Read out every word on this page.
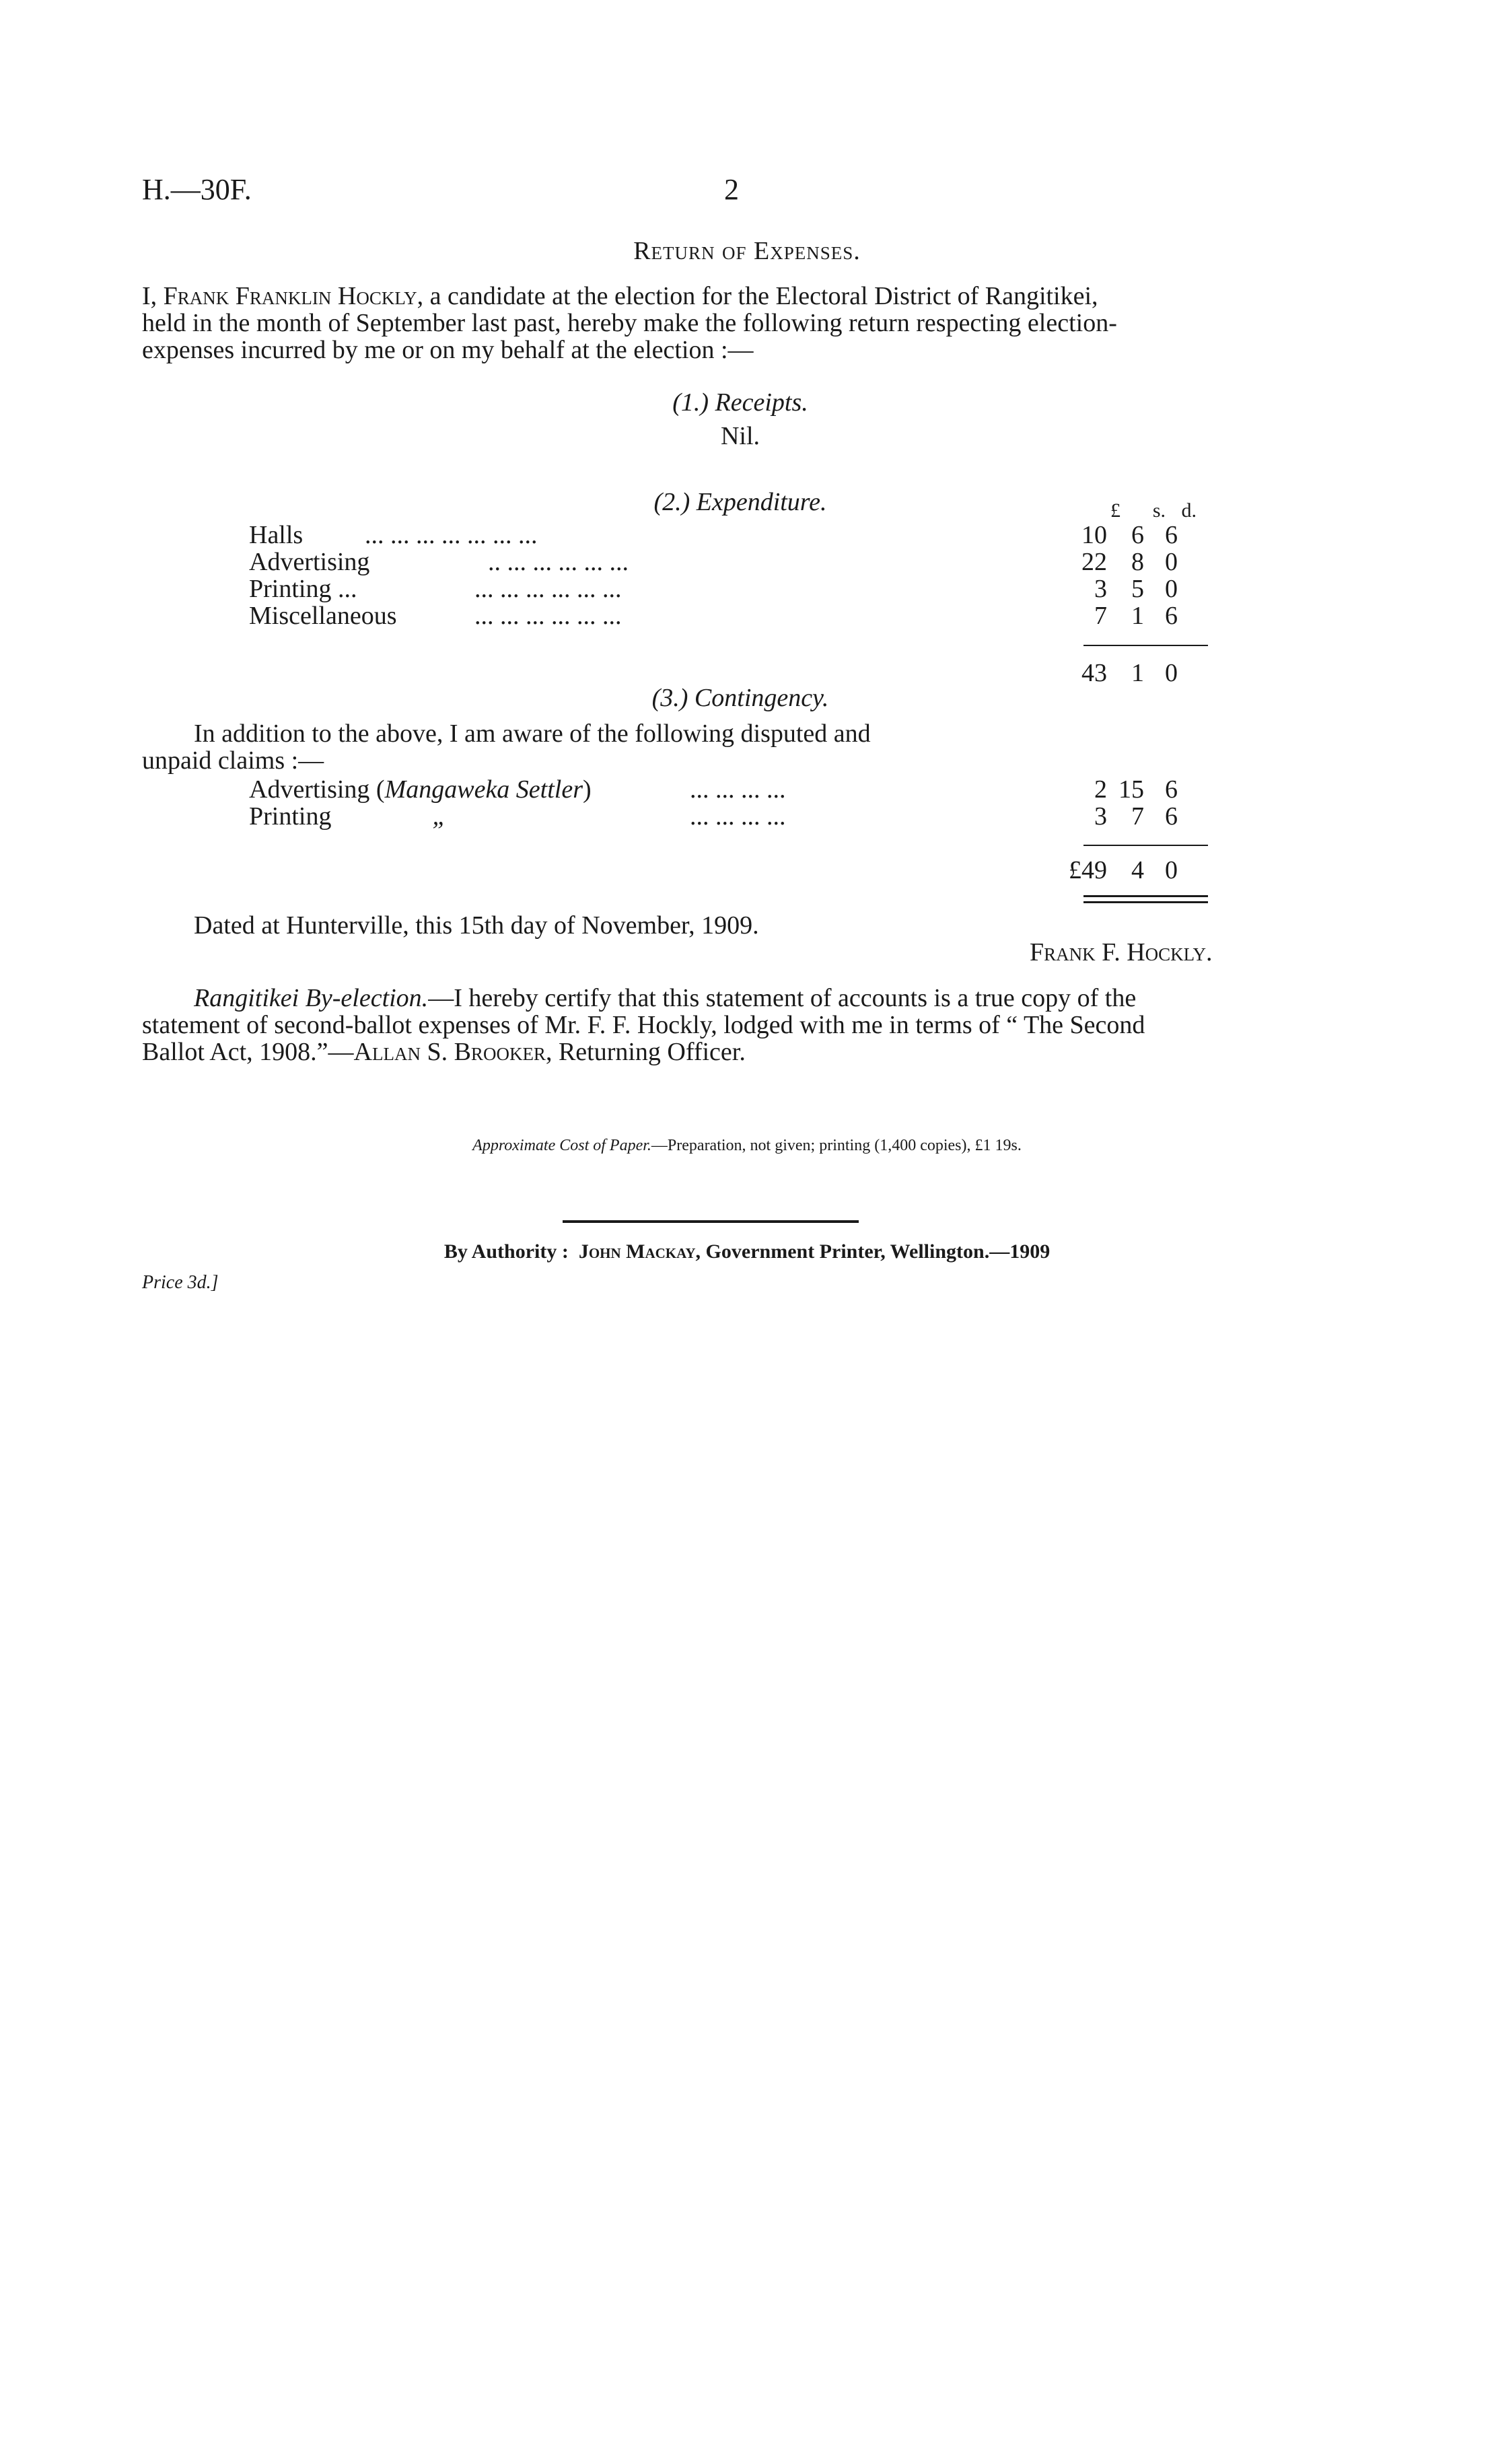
H.—30F.	2
Return of Expenses.
I, Frank Franklin Hockly, a candidate at the election for the Electoral District of Rangitikei,
held in the month of September last past, hereby make the following return respecting election-
expenses incurred by me or on my behalf at the election :—
(1.) Receipts.
Nil.
(2.) Expenditure.	£	s. d.
Halls ... ... ... ... ... ... ...	10 6 6
Advertising	.. ... ... ... ... ...	22 8 0
Printing ...	... ... ... ... ... ...	3 5 0
Miscellaneous	... ... ... ... ... ...	7 1 6
43 1 0
(3.) Contingency.
In addition to the above, I am aware of the following disputed and
unpaid claims :—
Advertising (Mangaweka Settler)	... ... ... ...	2 15 6
Printing	„	... ... ... ...	3 7 6
£49 4 0
Dated at Hunterville, this 15th day of November, 1909.
Frank F. Hockly.
Rangitikei By-election.—I hereby certify that this statement of accounts is a true copy of the
statement of second-ballot expenses of Mr. F. F. Hockly, lodged with me in terms of “ The Second
Ballot Act, 1908.”—Allan S. Brooker, Returning Officer.
Approximate Cost of Paper.—Preparation, not given; printing (1,400 copies), £1 19s.
By Authority : John Mackay, Government Printer, Wellington.—1909
Price 3d.]
